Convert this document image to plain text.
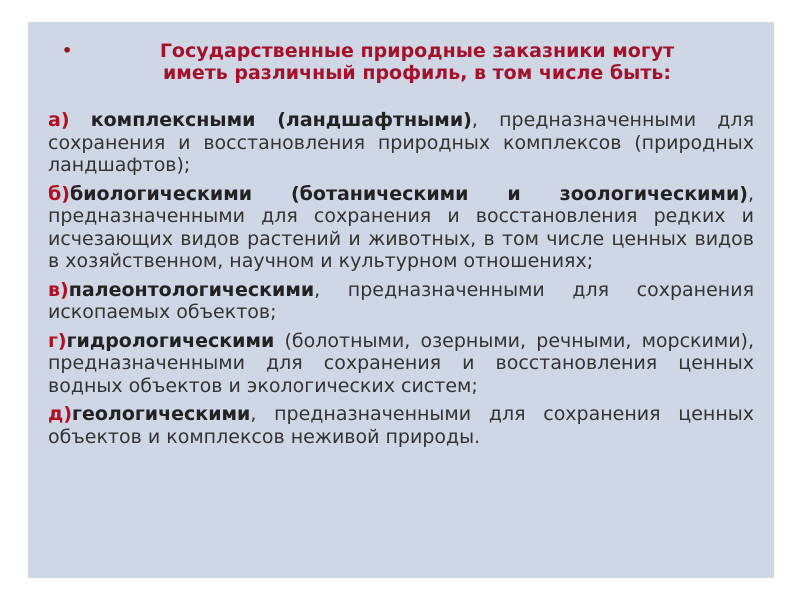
•	Государственные природные заказники могут
иметь различный профиль, в том числе быть:

а) комплексными (ландшафтными), предназначенными для сохранения и восстановления природных комплексов (природных ландшафтов);

б)биологическими (ботаническими и зоологическими), предназначенными для сохранения и восстановления редких и исчезающих видов растений и животных, в том числе ценных видов в хозяйственном, научном и культурном отношениях;

в)палеонтологическими, предназначенными для сохранения ископаемых объектов;

г)гидрологическими (болотными, озерными, речными, морскими), предназначенными для сохранения и восстановления ценных водных объектов и экологических систем;

д)геологическими, предназначенными для сохранения ценных объектов и комплексов неживой природы.
